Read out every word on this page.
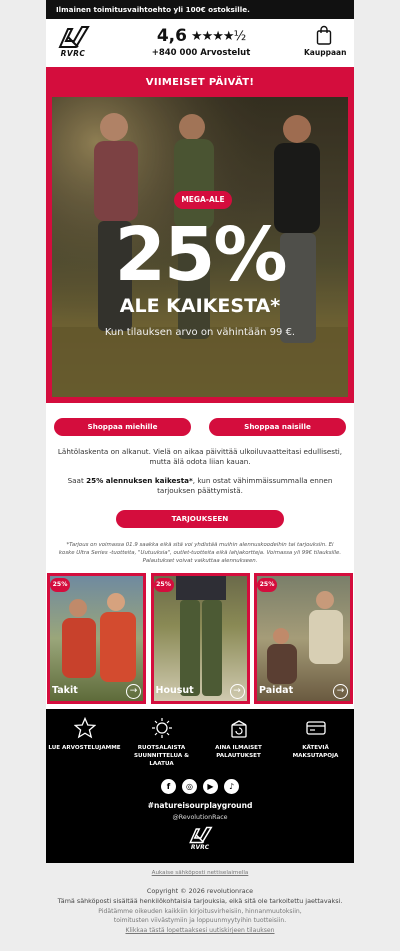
Ilmainen toimitusvaihtoehto yli 100€ ostoksille.
RVRC
4,6 ★★★★½
+840 000 Arvostelut	Kauppaan
VIIMEISET PÄIVÄT!
MEGA-ALE
25%
ALE KAIKESTA*
Kun tilauksen arvo on vähintään 99 €.
Shoppaa miehille	Shoppaa naisille
Lähtölaskenta on alkanut. Vielä on aikaa päivittää ulkoiluvaatteitasi edullisesti, mutta älä odota liian kauan.
Saat 25% alennuksen kaikesta*, kun ostat vähimmäissummalla ennen tarjouksen päättymistä.
TARJOUKSEEN
*Tarjous on voimassa 01.9 saakka eikä sitä voi yhdistää muihin alennuskoodeihin tai tarjouksiin. Ei koske Ultra Series -tuotteita, "Uutuuksia", outlet-tuotteita eikä lahjakortteja. Voimassa yli 99€ tilauksille. Palautukset voivat vaikuttaa alennukseen.
25%
Takit	→
25%
Housut	→
25%
Paidat	→
LUE ARVOSTELUJAMME	RUOTSALAISTA SUUNNITTELUA & LAATUA
AINA ILMAISET PALAUTUKSET
KÄTEVIÄ MAKSUTAPOJA
f	◎	▶	♪
#natureisourplayground
@RevolutionRace
RVRC
Aukaise sähköposti nettiselaimella
Copyright © 2026 revolutionrace
Tämä sähköposti sisältää henkilökohtaisia tarjouksia, eikä sitä ole tarkoitettu jaettavaksi.
Pidätämme oikeuden kaikkiin kirjoitusvirheisiin, hinnanmuutoksiin, toimitusten viivästymiin ja loppuunmyytyihin tuotteisiin.
Klikkaa tästä lopettaaksesi uutiskirjeen tilauksen
